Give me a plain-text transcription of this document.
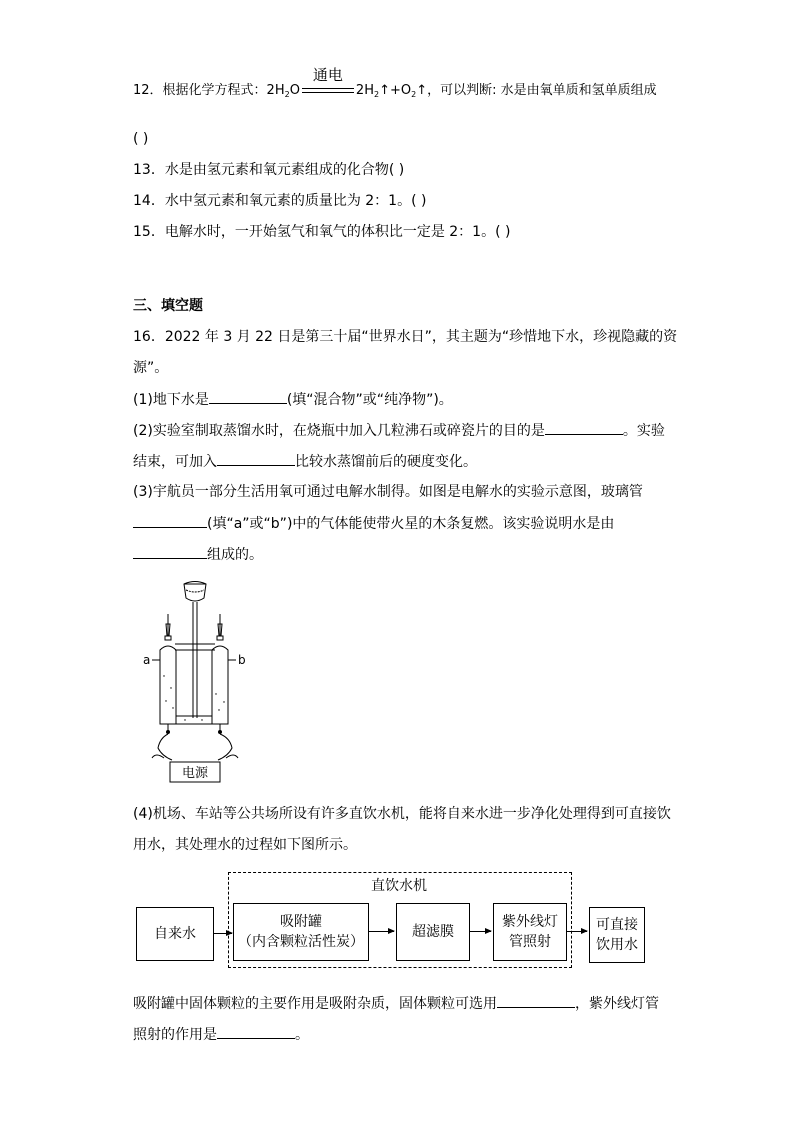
12．根据化学方程式：$2H_2O$
通电
$2H_2↑+O_2↑$，可以判断: 水是由氧单质和氢单质组成
( )
13．水是由氢元素和氧元素组成的化合物( )
14．水中氢元素和氧元素的质量比为 2：1。( )
15．电解水时，一开始氢气和氧气的体积比一定是 2：1。( )
三、填空题
16．2022 年 3 月 22 日是第三十届“世界水日”，其主题为“珍惜地下水，珍视隐藏的资
源”。
(1)地下水是	(填“混合物”或“纯净物”)。
(2)实验室制取蒸馏水时，在烧瓶中加入几粒沸石或碎瓷片的目的是	。实验
结束，可加入	比较水蒸馏前后的硬度变化。
(3)宇航员一部分生活用氧可通过电解水制得。如图是电解水的实验示意图，玻璃管
(填“a”或“b”)中的气体能使带火星的木条复燃。该实验说明水是由
组成的。
a	b
电源
(4)机场、车站等公共场所设有许多直饮水机，能将自来水进一步净化处理得到可直接饮
用水，其处理水的过程如下图所示。
直饮水机
自来水
吸附罐
（内含颗粒活性炭）
超滤膜
紫外线灯
管照射
可直接
饮用水
吸附罐中固体颗粒的主要作用是吸附杂质，固体颗粒可选用	，紫外线灯管
照射的作用是	。
